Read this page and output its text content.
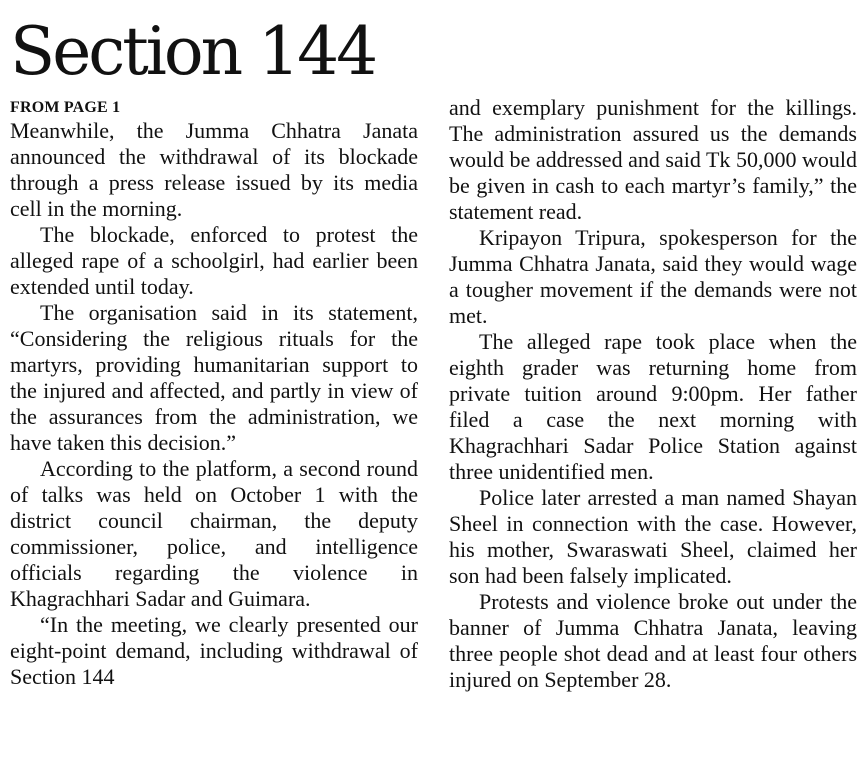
Section 144
FROM PAGE 1

Meanwhile, the Jumma Chhatra Janata announced the withdrawal of its blockade through a press release issued by its media cell in the morning.

The blockade, enforced to protest the alleged rape of a schoolgirl, had earlier been extended until today.

The organisation said in its statement, “Considering the religious rituals for the martyrs, providing humanitarian support to the injured and affected, and partly in view of the assurances from the administration, we have taken this decision.”

According to the platform, a second round of talks was held on October 1 with the district council chairman, the deputy commissioner, police, and intelligence officials regarding the violence in Khagrachhari Sadar and Guimara.

“In the meeting, we clearly presented our eight-point demand, including withdrawal of Section 144

and exemplary punishment for the killings. The administration assured us the demands would be addressed and said Tk 50,000 would be given in cash to each martyr’s family,” the statement read.

Kripayon Tripura, spokesperson for the Jumma Chhatra Janata, said they would wage a tougher movement if the demands were not met.

The alleged rape took place when the eighth grader was returning home from private tuition around 9:00pm. Her father filed a case the next morning with Khagrachhari Sadar Police Station against three unidentified men.

Police later arrested a man named Shayan Sheel in connection with the case. However, his mother, Swaraswati Sheel, claimed her son had been falsely implicated.

Protests and violence broke out under the banner of Jumma Chhatra Janata, leaving three people shot dead and at least four others injured on September 28.
